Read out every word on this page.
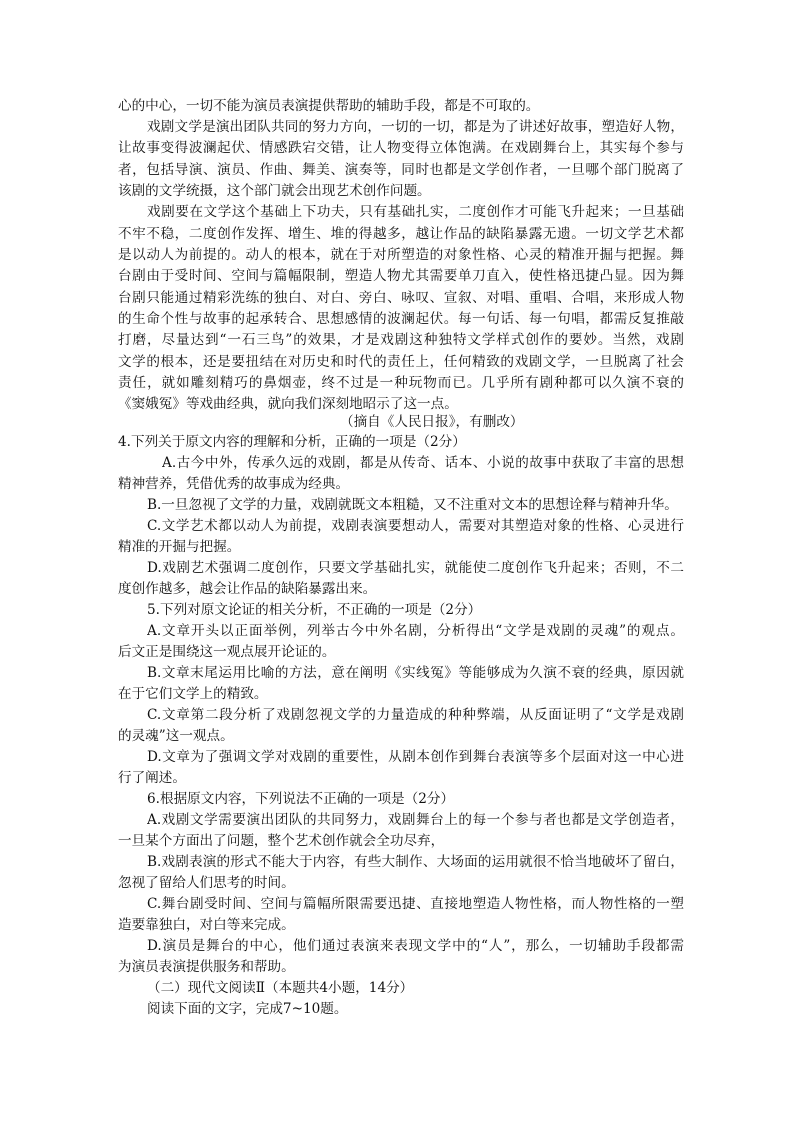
心的中心，一切不能为演员表演提供帮助的辅助手段，都是不可取的。
戏剧文学是演出团队共同的努力方向，一切的一切，都是为了讲述好故事，塑造好人物，
让故事变得波澜起伏、情感跌宕交错，让人物变得立体饱满。在戏剧舞台上，其实每个参与
者，包括导演、演员、作曲、舞美、演奏等，同时也都是文学创作者，一旦哪个部门脱离了
该剧的文学统摄，这个部门就会出现艺术创作问题。
戏剧要在文学这个基础上下功夫，只有基础扎实，二度创作才可能飞升起来；一旦基础
不牢不稳，二度创作发挥、增生、堆的得越多，越让作品的缺陷暴露无遗。一切文学艺术都
是以动人为前提的。动人的根本，就在于对所塑造的对象性格、心灵的精准开掘与把握。舞
台剧由于受时间、空间与篇幅限制，塑造人物尤其需要单刀直入，使性格迅捷凸显。因为舞
台剧只能通过精彩洗练的独白、对白、旁白、咏叹、宣叙、对唱、重唱、合唱，来形成人物
的生命个性与故事的起承转合、思想感情的波澜起伏。每一句话、每一句唱，都需反复推敲
打磨，尽量达到“一石三鸟”的效果，才是戏剧这种独特文学样式创作的要妙。当然，戏剧
文学的根本，还是要扭结在对历史和时代的责任上，任何精致的戏剧文学，一旦脱离了社会
责任，就如雕刻精巧的鼻烟壶，终不过是一种玩物而已。几乎所有剧种都可以久演不衰的
《窦娥冤》等戏曲经典，就向我们深刻地昭示了这一点。
（摘自《人民日报》，有删改）
4.下列关于原文内容的理解和分析，正确的一项是（2分）
A.古今中外，传承久远的戏剧，都是从传奇、话本、小说的故事中获取了丰富的思想
精神营养，凭借优秀的故事成为经典。
B.一旦忽视了文学的力量，戏剧就既文本粗糙，又不注重对文本的思想诠释与精神升华。
C.文学艺术都以动人为前提，戏剧表演要想动人，需要对其塑造对象的性格、心灵进行
精准的开掘与把握。
D.戏剧艺术强调二度创作，只要文学基础扎实，就能使二度创作飞升起来；否则，不二
度创作越多，越会让作品的缺陷暴露出来。
5.下列对原文论证的相关分析，不正确的一项是（2分）
A.文章开头以正面举例，列举古今中外名剧，分析得出“文学是戏剧的灵魂”的观点。
后文正是围绕这一观点展开论证的。
B.文章末尾运用比喻的方法，意在阐明《实线冤》等能够成为久演不衰的经典，原因就
在于它们文学上的精致。
C.文章第二段分析了戏剧忽视文学的力量造成的种种弊端，从反面证明了“文学是戏剧
的灵魂”这一观点。
D.文章为了强调文学对戏剧的重要性，从剧本创作到舞台表演等多个层面对这一中心进
行了阐述。
6.根据原文内容，下列说法不正确的一项是（2分）
A.戏剧文学需要演出团队的共同努力，戏剧舞台上的每一个参与者也都是文学创造者，
一旦某个方面出了问题，整个艺术创作就会全功尽弃，
B.戏剧表演的形式不能大于内容，有些大制作、大场面的运用就很不恰当地破坏了留白，
忽视了留给人们思考的时间。
C.舞台剧受时间、空间与篇幅所限需要迅捷、直接地塑造人物性格，而人物性格的一塑
造要靠独白，对白等来完成。
D.演员是舞台的中心，他们通过表演来表现文学中的“人”，那么，一切辅助手段都需
为演员表演提供服务和帮助。
（二）现代文阅读Ⅱ（本题共4小题，14分）
阅读下面的文字，完成7~10题。
